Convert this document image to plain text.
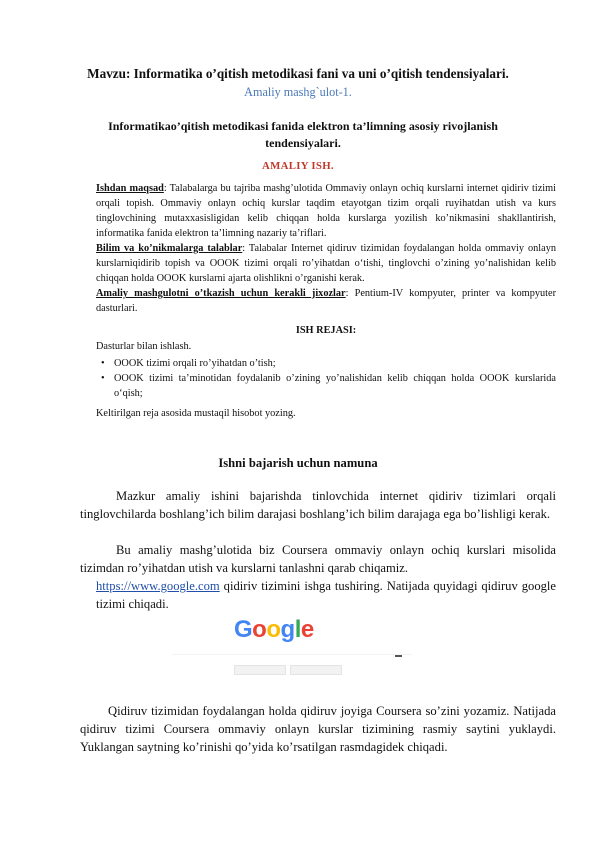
Mavzu: Informatika o’qitish metodikasi fani va uni o’qitish tendensiyalari.
Amaliy mashg`ulot-1.
Informatikao’qitish metodikasi fanida elektron ta’limning asosiy rivojlanish tendensiyalari.
AMALIY ISH.
Ishdan maqsad: Talabalarga bu tajriba mashg’ulotida Ommaviy onlayn ochiq kurslarni internet qidiriv tizimi orqali topish. Ommaviy onlayn ochiq kurslar taqdim etayotgan tizim orqali ruyihatdan utish va kurs tinglovchining mutaxxasisligidan kelib chiqqan holda kurslarga yozilish ko’nikmasini shakllantirish, informatika fanida elektron ta’limning nazariy ta’riflari.
Bilim va ko’nikmalarga talablar: Talabalar Internet qidiruv tizimidan foydalangan holda ommaviy onlayn kurslarniqidirib topish va OOOK tizimi orqali ro’yihatdan o‘tishi, tinglovchi o’zining yo’nalishidan kelib chiqqan holda OOOK kurslarni ajarta olishlikni o’rganishi kerak.
Amaliy mashgulotni o’tkazish uchun kerakli jixozlar: Pentium-IV kompyuter, printer va kompyuter dasturlari.
ISH REJASI:
Dasturlar bilan ishlash.
• OOOK tizimi orqali ro’yihatdan o’tish;
• OOOK tizimi ta’minotidan foydalanib o’zining yo’nalishidan kelib chiqqan holda OOOK kurslarida o‘qish;
Keltirilgan reja asosida mustaqil hisobot yozing.
Ishni bajarish uchun namuna
Mazkur amaliy ishini bajarishda tinlovchida internet qidiriv tizimlari orqali tinglovchilarda boshlang’ich bilim darajasi boshlang’ich bilim darajaga ega bo’lishligi kerak.
Bu amaliy mashg’ulotida biz Coursera ommaviy onlayn ochiq kurslari misolida tizimdan ro’yihatdan utish va kurslarni tanlashni qarab chiqamiz.
https://www.google.com qidiriv tizimini ishga tushiring. Natijada quyidagi qidiruv google tizimi chiqadi.
Google
Qidiruv tizimidan foydalangan holda qidiruv joyiga Coursera so’zini yozamiz. Natijada qidiruv tizimi Coursera ommaviy onlayn kurslar tizimining rasmiy saytini yuklaydi. Yuklangan saytning ko’rinishi qo’yida ko’rsatilgan rasmdagidek chiqadi.
